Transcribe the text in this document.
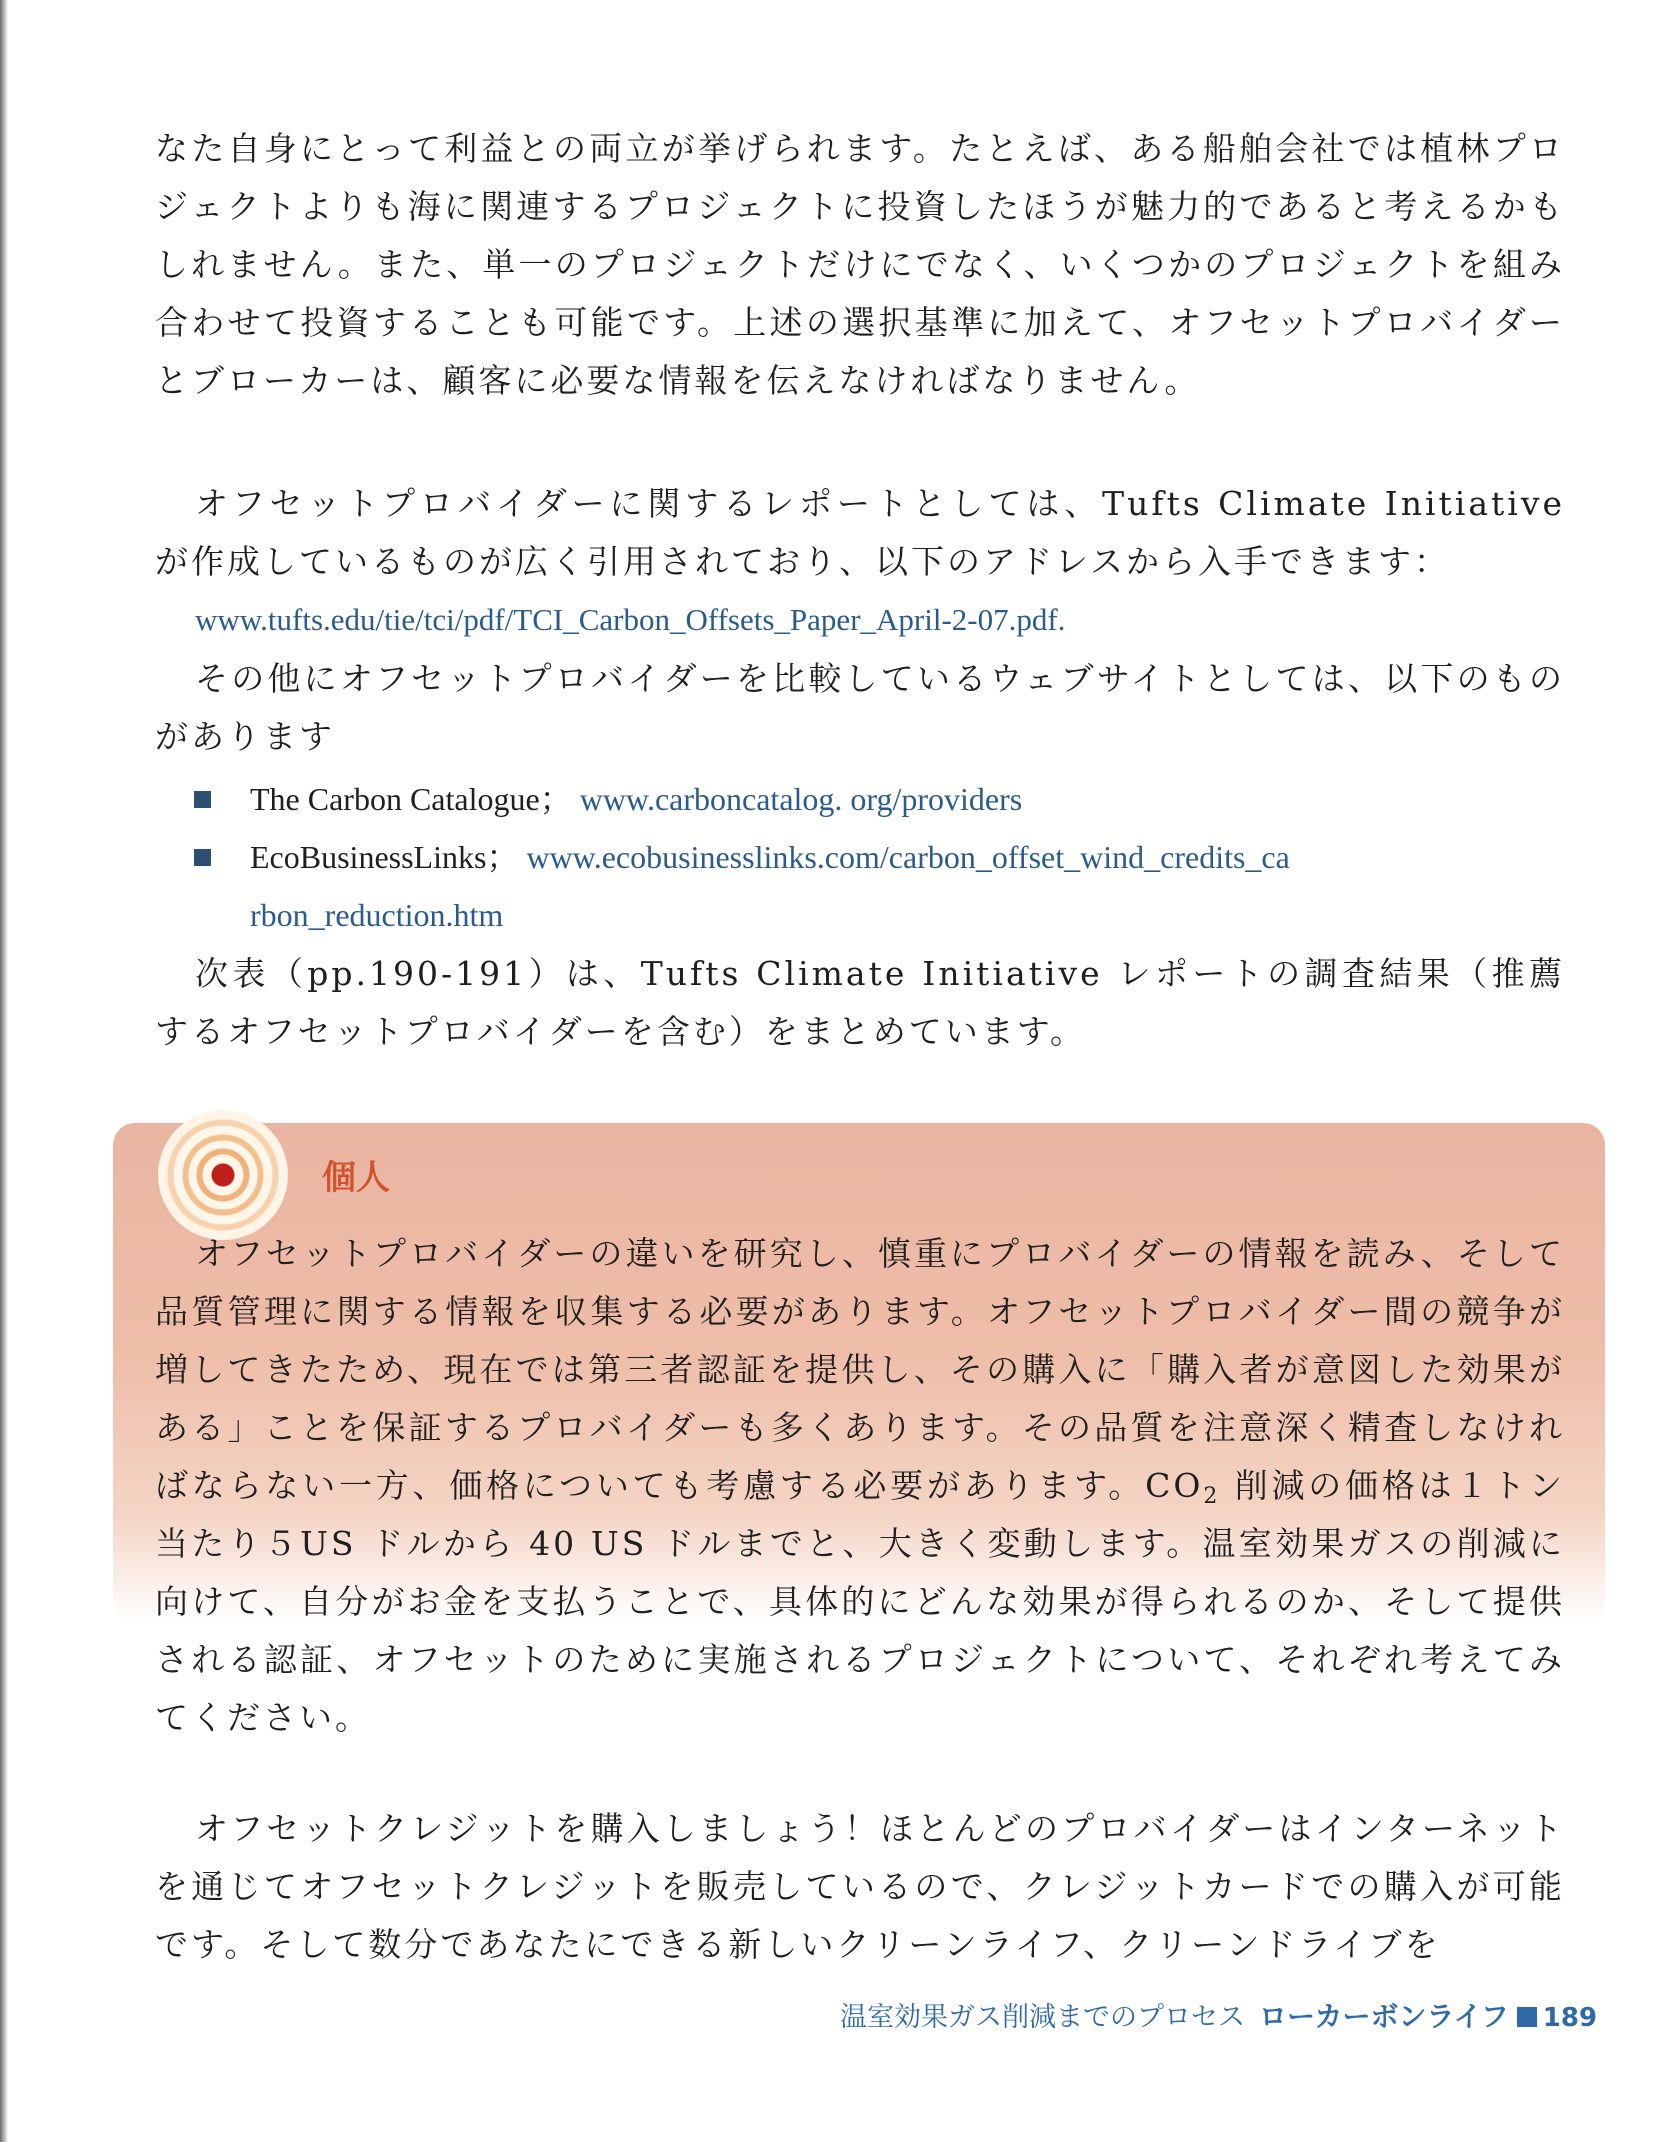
なた自身にとって利益との両立が挙げられます。たとえば、ある船舶会社では植林プロジェクトよりも海に関連するプロジェクトに投資したほうが魅力的であると考えるかもしれません。また、単一のプロジェクトだけにでなく、いくつかのプロジェクトを組み合わせて投資することも可能です。上述の選択基準に加えて、オフセットプロバイダーとブローカーは、顧客に必要な情報を伝えなければなりません。

オフセットプロバイダーに関するレポートとしては、Tufts Climate Initiative が作成しているものが広く引用されており、以下のアドレスから入手できます：

www.tufts.edu/tie/tci/pdf/TCI_Carbon_Offsets_Paper_April-2-07.pdf.

その他にオフセットプロバイダーを比較しているウェブサイトとしては、以下のものがあります

The Carbon Catalogue； www.carboncatalog. org/providers
EcoBusinessLinks； www.ecobusinesslinks.com/carbon_offset_wind_credits_ca
rbon_reduction.htm

次表（pp.190-191）は、Tufts Climate Initiative レポートの調査結果（推薦するオフセットプロバイダーを含む）をまとめています。

個人

オフセットプロバイダーの違いを研究し、慎重にプロバイダーの情報を読み、そして品質管理に関する情報を収集する必要があります。オフセットプロバイダー間の競争が増してきたため、現在では第三者認証を提供し、その購入に「購入者が意図した効果がある」ことを保証するプロバイダーも多くあります。その品質を注意深く精査しなければならない一方、価格についても考慮する必要があります。$CO_2$ 削減の価格は１トン当たり５US ドルから 40 US ドルまでと、大きく変動します。温室効果ガスの削減に向けて、自分がお金を支払うことで、具体的にどんな効果が得られるのか、そして提供される認証、オフセットのために実施されるプロジェクトについて、それぞれ考えてみてください。

オフセットクレジットを購入しましょう！ほとんどのプロバイダーはインターネットを通じてオフセットクレジットを販売しているので、クレジットカードでの購入が可能です。そして数分であなたにできる新しいクリーンライフ、クリーンドライブを

温室効果ガス削減までのプロセス ローカーボンライフ 189
